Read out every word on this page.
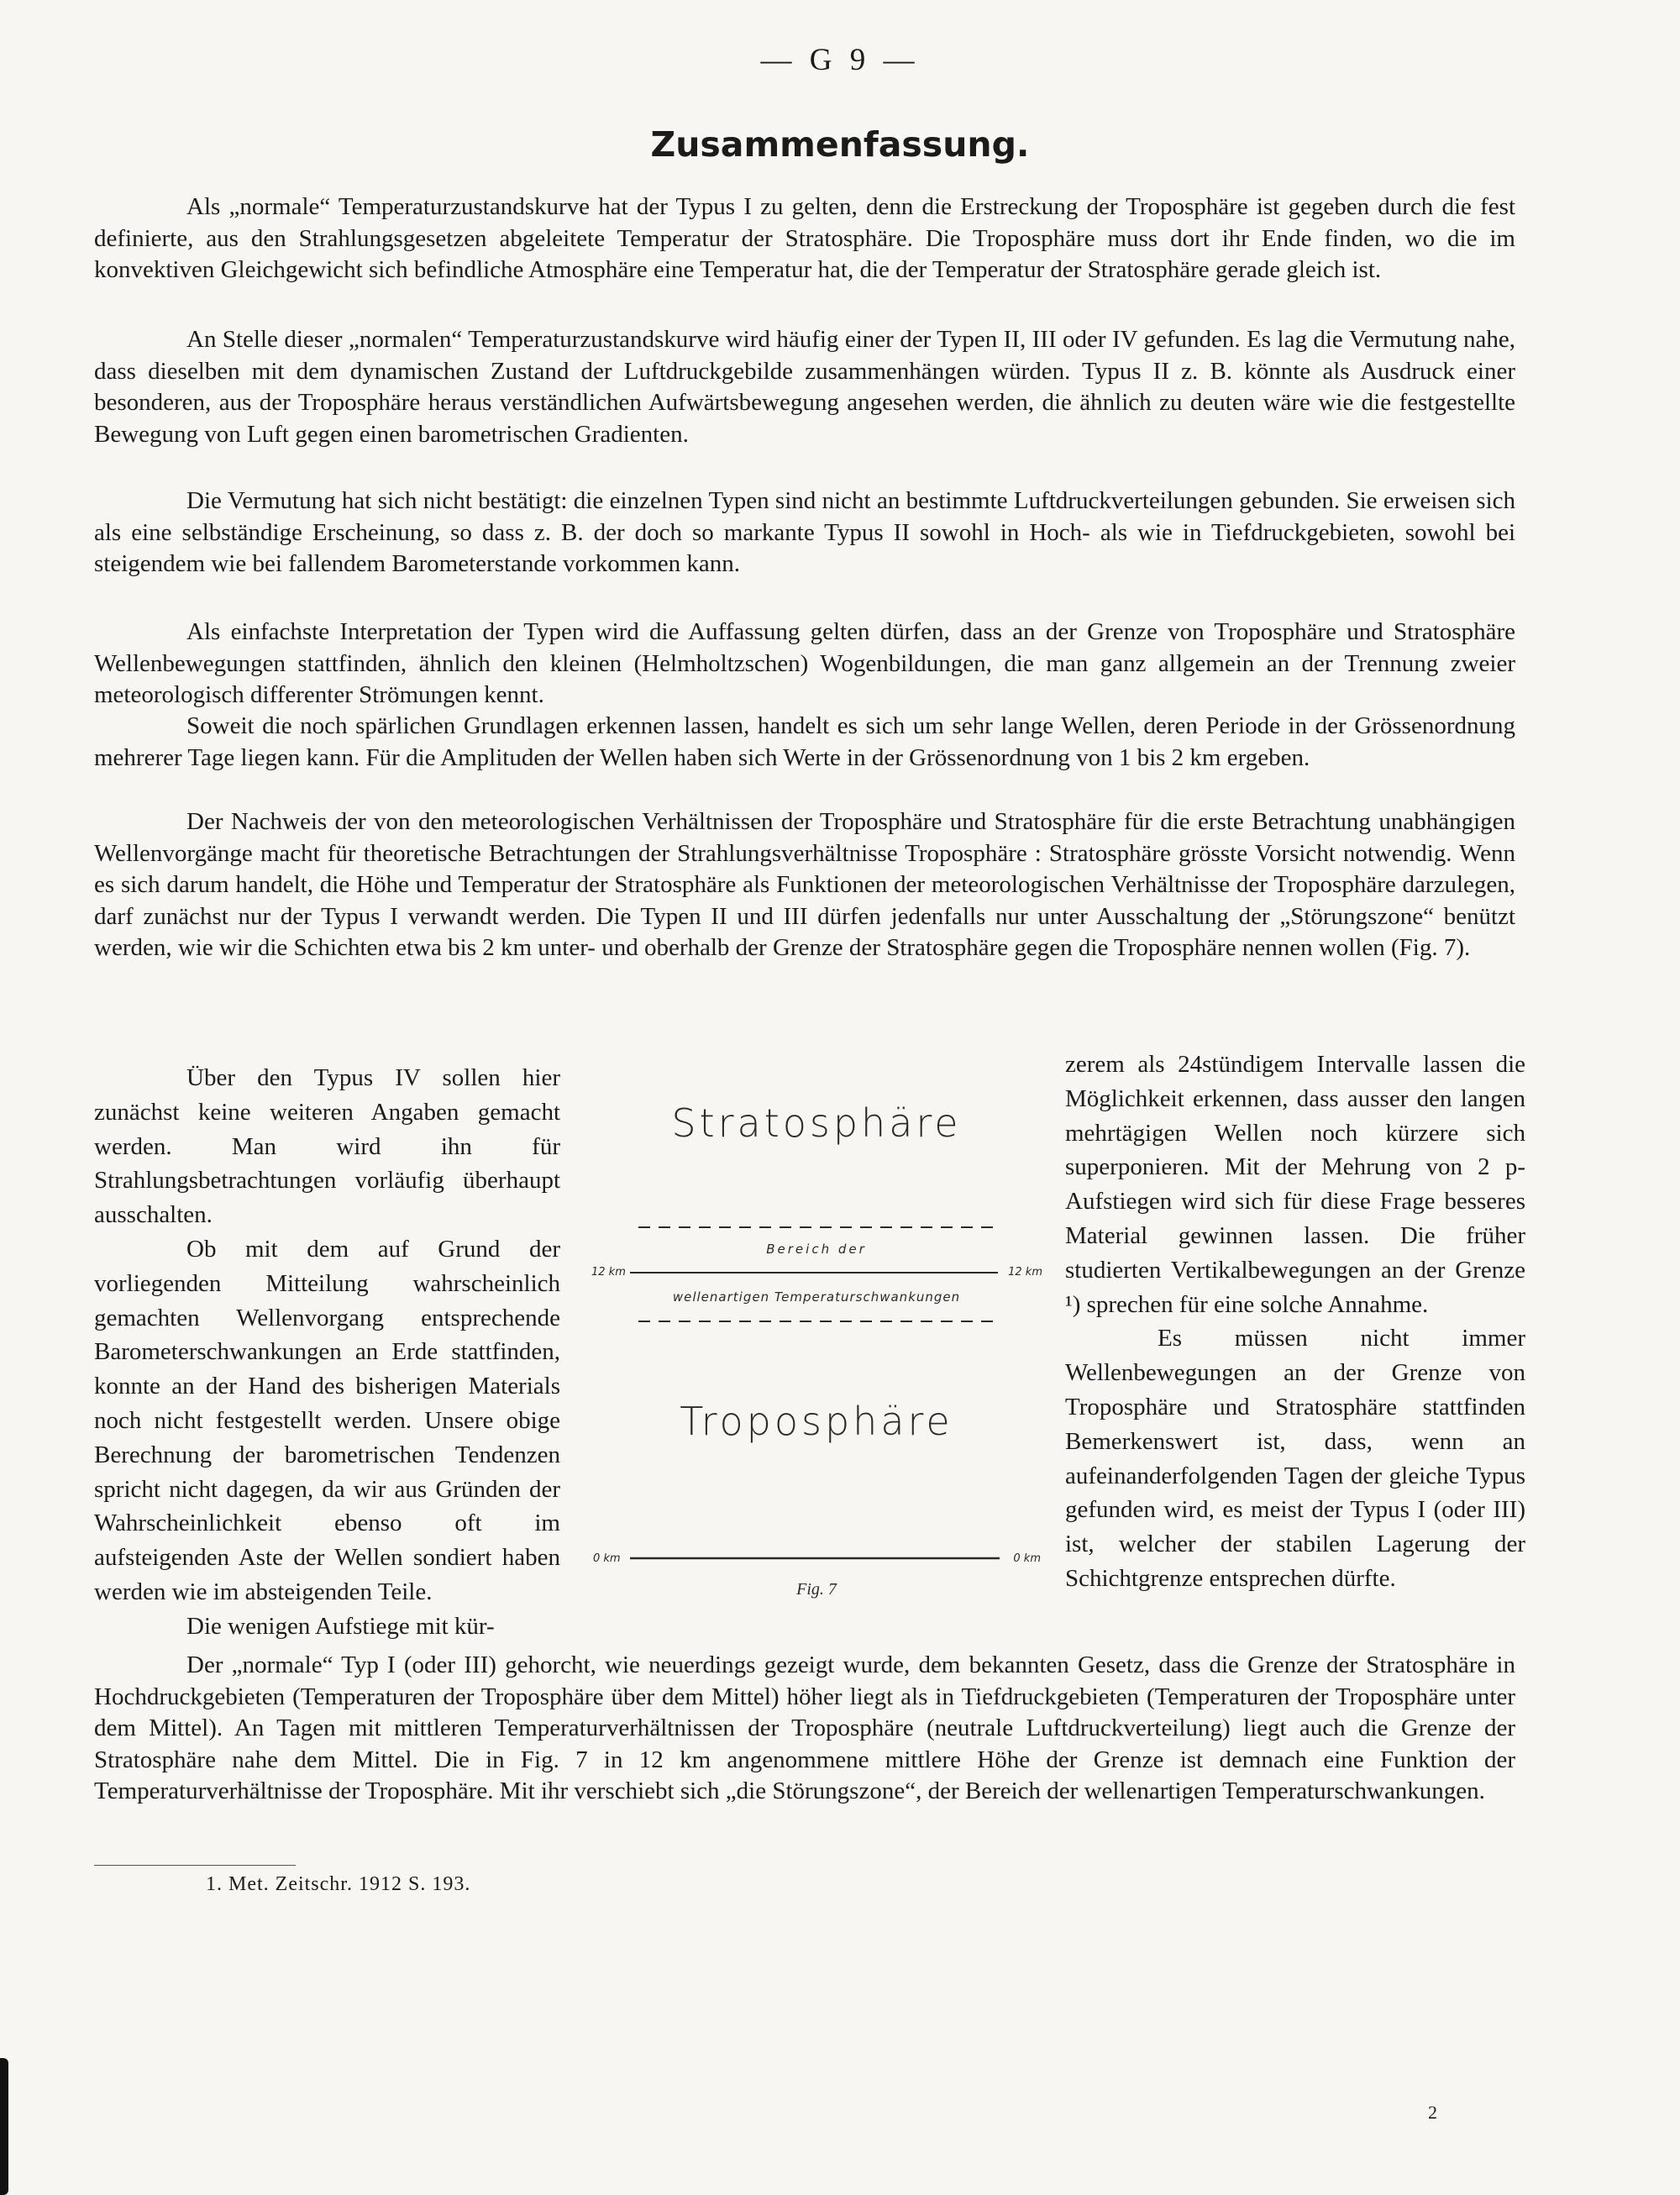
— G 9 —
Zusammenfassung.
Als „normale“ Temperaturzustandskurve hat der Typus I zu gelten, denn die Erstreckung der Troposphäre ist gegeben durch die fest definierte, aus den Strahlungsgesetzen abgeleitete Temperatur der Stratosphäre. Die Troposphäre muss dort ihr Ende finden, wo die im konvektiven Gleichgewicht sich befindliche Atmosphäre eine Temperatur hat, die der Temperatur der Stratosphäre gerade gleich ist.
An Stelle dieser „normalen“ Temperaturzustandskurve wird häufig einer der Typen II, III oder IV gefunden. Es lag die Vermutung nahe, dass dieselben mit dem dynamischen Zustand der Luftdruckgebilde zusammenhängen würden. Typus II z. B. könnte als Ausdruck einer besonderen, aus der Troposphäre heraus verständlichen Aufwärtsbewegung angesehen werden, die ähnlich zu deuten wäre wie die festgestellte Bewegung von Luft gegen einen barometrischen Gradienten.
Die Vermutung hat sich nicht bestätigt: die einzelnen Typen sind nicht an bestimmte Luftdruckverteilungen gebunden. Sie erweisen sich als eine selbständige Erscheinung, so dass z. B. der doch so markante Typus II sowohl in Hoch- als wie in Tiefdruckgebieten, sowohl bei steigendem wie bei fallendem Barometerstande vorkommen kann.
Als einfachste Interpretation der Typen wird die Auffassung gelten dürfen, dass an der Grenze von Troposphäre und Stratosphäre Wellenbewegungen stattfinden, ähnlich den kleinen (Helmholtzschen) Wogenbildungen, die man ganz allgemein an der Trennung zweier meteorologisch differenter Strömungen kennt.
Soweit die noch spärlichen Grundlagen erkennen lassen, handelt es sich um sehr lange Wellen, deren Periode in der Grössenordnung mehrerer Tage liegen kann. Für die Amplituden der Wellen haben sich Werte in der Grössenordnung von 1 bis 2 km ergeben.
Der Nachweis der von den meteorologischen Verhältnissen der Troposphäre und Stratosphäre für die erste Betrachtung unabhängigen Wellenvorgänge macht für theoretische Betrachtungen der Strahlungsverhältnisse Troposphäre : Stratosphäre grösste Vorsicht notwendig. Wenn es sich darum handelt, die Höhe und Temperatur der Stratosphäre als Funktionen der meteorologischen Verhältnisse der Troposphäre darzulegen, darf zunächst nur der Typus I verwandt werden. Die Typen II und III dürfen jedenfalls nur unter Ausschaltung der „Störungszone“ benützt werden, wie wir die Schichten etwa bis 2 km unter- und oberhalb der Grenze der Stratosphäre gegen die Troposphäre nennen wollen (Fig. 7).

Über den Typus IV sollen hier zunächst keine weiteren Angaben gemacht werden. Man wird ihn für Strahlungsbetrachtungen vorläufig überhaupt ausschalten.

Ob mit dem auf Grund der vorliegenden Mitteilung wahrscheinlich gemachten Wellenvorgang entsprechende Barometerschwankungen an Erde stattfinden, konnte an der Hand des bisherigen Materials noch nicht festgestellt werden. Unsere obige Berechnung der barometrischen Tendenzen spricht nicht dagegen, da wir aus Gründen der Wahrscheinlichkeit ebenso oft im aufsteigenden Aste der Wellen sondiert haben werden wie im absteigenden Teile.

Die wenigen Aufstiege mit kür-

Stratosphäre
Bereich der
12 km	12 km
wellenartigen Temperaturschwankungen
Troposphäre
0 km	0 km
Fig. 7

zerem als 24stündigem Intervalle lassen die Möglichkeit erkennen, dass ausser den langen mehrtägigen Wellen noch kürzere sich superponieren. Mit der Mehrung von 2 p-Aufstiegen wird sich für diese Frage besseres Material gewinnen lassen. Die früher studierten Vertikalbewegungen an der Grenze ¹) sprechen für eine solche Annahme.

Es müssen nicht immer Wellenbewegungen an der Grenze von Troposphäre und Stratosphäre stattfinden Bemerkenswert ist, dass, wenn an aufeinanderfolgenden Tagen der gleiche Typus gefunden wird, es meist der Typus I (oder III) ist, welcher der stabilen Lagerung der Schichtgrenze entsprechen dürfte.

Der „normale“ Typ I (oder III) gehorcht, wie neuerdings gezeigt wurde, dem bekannten Gesetz, dass die Grenze der Stratosphäre in Hochdruckgebieten (Temperaturen der Troposphäre über dem Mittel) höher liegt als in Tiefdruckgebieten (Temperaturen der Troposphäre unter dem Mittel). An Tagen mit mittleren Temperaturverhältnissen der Troposphäre (neutrale Luftdruckverteilung) liegt auch die Grenze der Stratosphäre nahe dem Mittel. Die in Fig. 7 in 12 km angenommene mittlere Höhe der Grenze ist demnach eine Funktion der Temperaturverhältnisse der Troposphäre. Mit ihr verschiebt sich „die Störungszone“, der Bereich der wellenartigen Temperaturschwankungen.
1. Met. Zeitschr. 1912 S. 193.
2
